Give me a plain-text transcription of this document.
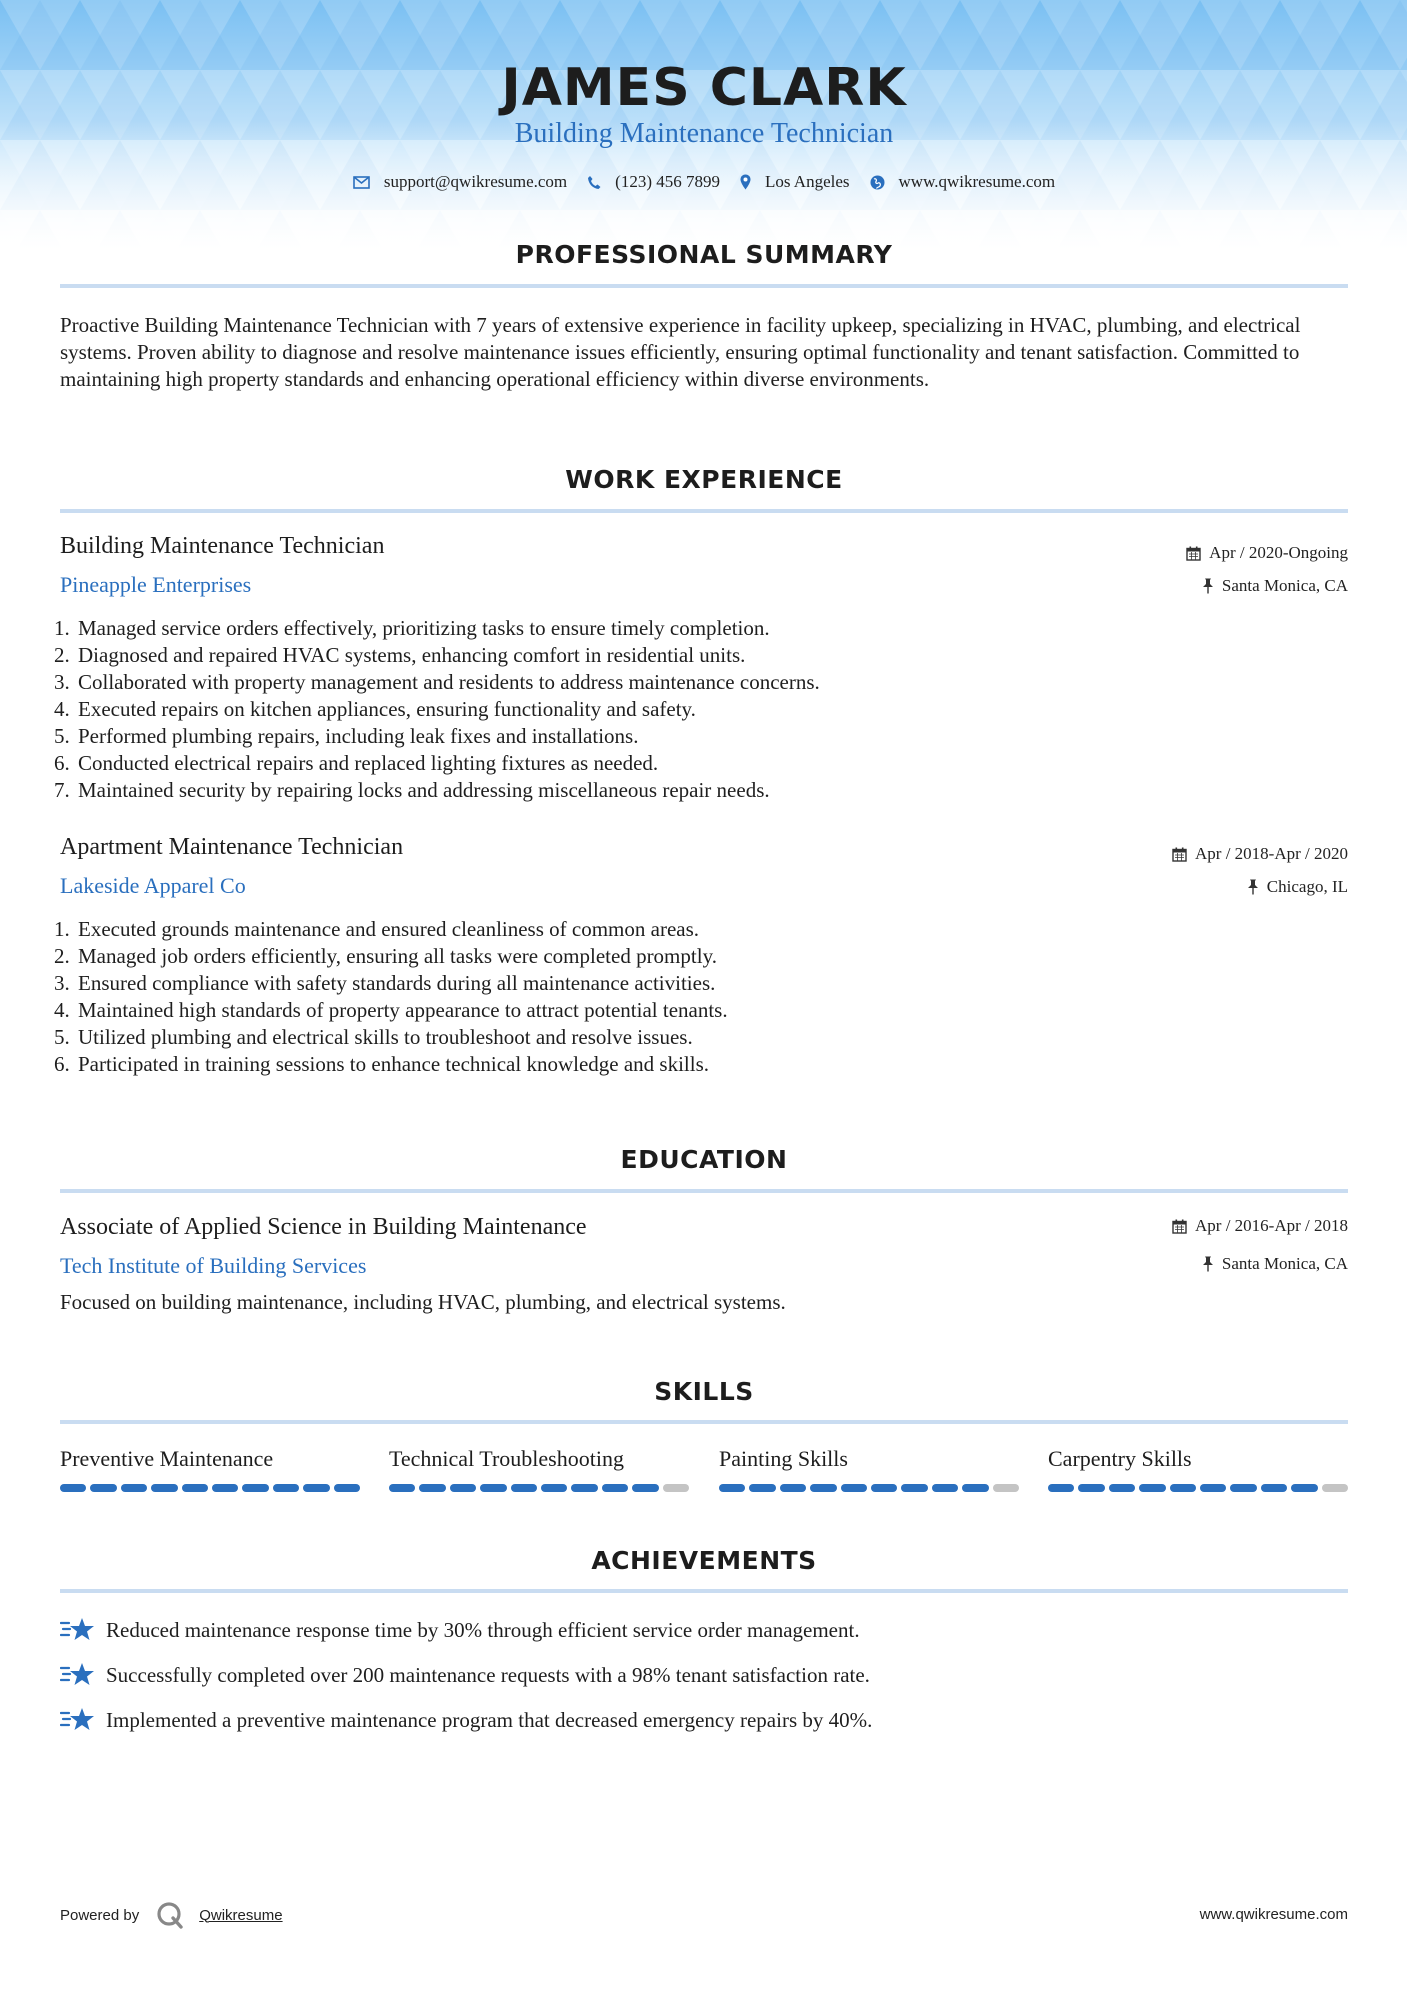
JAMES CLARK
Building Maintenance Technician
support@qwikresume.com	(123) 456 7899	Los Angeles	www.qwikresume.com
PROFESSIONAL SUMMARY
Proactive Building Maintenance Technician with 7 years of extensive experience in facility upkeep, specializing in HVAC, plumbing, and electrical systems. Proven ability to diagnose and resolve maintenance issues efficiently, ensuring optimal functionality and tenant satisfaction. Committed to maintaining high property standards and enhancing operational efficiency within diverse environments.
WORK EXPERIENCE
Building Maintenance Technician
Pineapple Enterprises
Apr / 2020-Ongoing
Santa Monica, CA
1. Managed service orders effectively, prioritizing tasks to ensure timely completion.
2. Diagnosed and repaired HVAC systems, enhancing comfort in residential units.
3. Collaborated with property management and residents to address maintenance concerns.
4. Executed repairs on kitchen appliances, ensuring functionality and safety.
5. Performed plumbing repairs, including leak fixes and installations.
6. Conducted electrical repairs and replaced lighting fixtures as needed.
7. Maintained security by repairing locks and addressing miscellaneous repair needs.
Apartment Maintenance Technician
Lakeside Apparel Co
Apr / 2018-Apr / 2020
Chicago, IL
1. Executed grounds maintenance and ensured cleanliness of common areas.
2. Managed job orders efficiently, ensuring all tasks were completed promptly.
3. Ensured compliance with safety standards during all maintenance activities.
4. Maintained high standards of property appearance to attract potential tenants.
5. Utilized plumbing and electrical skills to troubleshoot and resolve issues.
6. Participated in training sessions to enhance technical knowledge and skills.
EDUCATION
Associate of Applied Science in Building Maintenance
Tech Institute of Building Services
Apr / 2016-Apr / 2018
Santa Monica, CA
Focused on building maintenance, including HVAC, plumbing, and electrical systems.
SKILLS
Preventive Maintenance	Technical Troubleshooting	Painting Skills	Carpentry Skills
ACHIEVEMENTS
Reduced maintenance response time by 30% through efficient service order management.
Successfully completed over 200 maintenance requests with a 98% tenant satisfaction rate.
Implemented a preventive maintenance program that decreased emergency repairs by 40%.
Powered by	Qwikresume	www.qwikresume.com
